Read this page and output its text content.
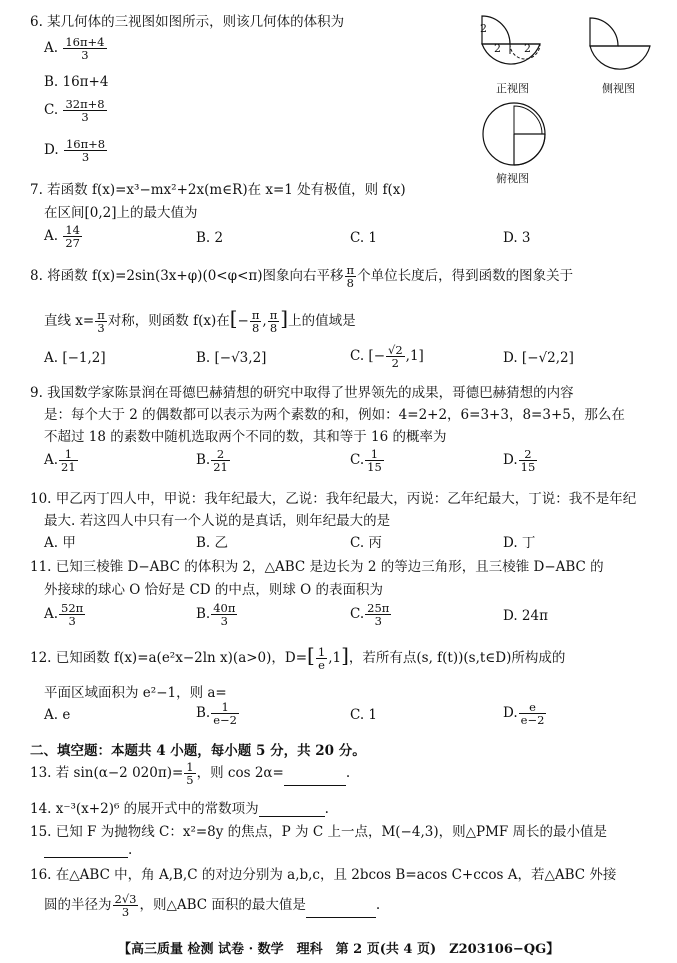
6. 某几何体的三视图如图所示，则该几何体的体积为
A. $\frac{16\pi+4}{3}$
B. 16π+4
C. $\frac{32\pi+8}{3}$
D. $\frac{16\pi+8}{3}$
2
2 2
正视图	侧视图
俯视图
7. 若函数 f(x)=x³−mx²+2x(m∈R)在 x=1 处有极值，则 f(x)
在区间[0,2]上的最大值为
A. $\frac{14}{27}$	B. 2	C. 1	D. 3
8. 将函数 f(x)=2sin(3x+φ)(0<φ<π)图象向右平移 $\frac{\pi}{8}$ 个单位长度后，得到函数的图象关于
直线 $x= \frac{\pi}{3}$ 对称，则函数 f(x)在[− $\frac{\pi}{8}$ , $\frac{\pi}{8}$ ]上的值域是
A. [−1,2]	B. [−√3,2]	C. [− $\frac{√2}{2} ,1$]	D. [−√2,2]
9. 我国数学家陈景润在哥德巴赫猜想的研究中取得了世界领先的成果，哥德巴赫猜想的内容
是：每个大于 2 的偶数都可以表示为两个素数的和，例如：4=2+2，6=3+3，8=3+5，那么在
不超过 18 的素数中随机选取两个不同的数，其和等于 16 的概率为
A. $\frac{1}{21}$	B. $\frac{2}{21}$	C. $\frac{1}{15}$	D. $\frac{2}{15}$
10. 甲乙丙丁四人中，甲说：我年纪最大，乙说：我年纪最大，丙说：乙年纪最大，丁说：我不是年纪
最大. 若这四人中只有一个人说的是真话，则年纪最大的是
A. 甲	B. 乙	C. 丙	D. 丁
11. 已知三棱锥 D−ABC 的体积为 2，△ABC 是边长为 2 的等边三角形，且三棱锥 D−ABC 的
外接球的球心 O 恰好是 CD 的中点，则球 O 的表面积为
A. $\frac{52\pi}{3}$	B. $\frac{40\pi}{3}$	C. $\frac{25\pi}{3}$	D. 24π
12. 已知函数 f(x)=a(e²x−2ln x)(a>0)，$D=[ \frac{1}{e} ,1]$，若所有点(s, f(t))(s,t∈D)所构成的
平面区域面积为 e²−1，则 a=
A. e	B. $\frac{1}{e-2}$	C. 1	D. $\frac{e}{e-2}$
二、填空题：本题共 4 小题，每小题 5 分，共 20 分。
13. 若 sin(α−2 $020\pi)= \frac{1}{5}$ ，则 cos 2α=	.
14. x⁻³(x+2)⁶ 的展开式中的常数项为	.
15. 已知 F 为抛物线 C：x²=8y 的焦点，P 为 C 上一点，M(−4,3)，则△PMF 周长的最小值是
.
16. 在△ABC 中，角 A,B,C 的对边分别为 a,b,c，且 2bcos B=acos C+ccos A，若△ABC 外接
圆的半径为 $\frac{2√3}{3}$ ，则△ABC 面积的最大值是	.
【高三质量 检测 试卷 · 数学　理科　第 2 页(共 4 页)　Z203106−QG】
